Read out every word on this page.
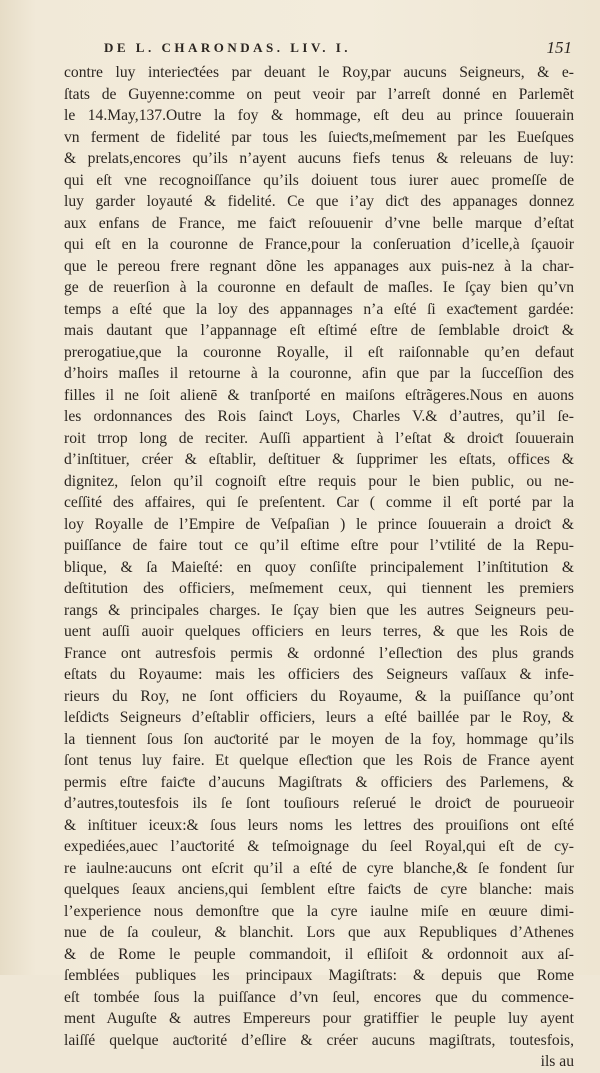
DE L. CHARONDAS. LIV. I.	151
contre luy interieƈtées par deuant le Roy,par aucuns Seigneurs, & e-
ſtats de Guyenne:comme on peut veoir par l’arreſt donné en Parlemẽt
le 14.May,137.Outre la foy & hommage, eſt deu au prince ſouuerain
vn ferment de fidelité par tous les ſuieƈts,meſmement par les Eueſques
& prelats,encores qu’ils n’ayent aucuns fiefs tenus & releuans de luy:
qui eſt vne recognoiſſance qu’ils doiuent tous iurer auec promeſſe de
luy garder loyauté & fidelité. Ce que i’ay diƈt des appanages donnez
aux enfans de France, me faiƈt reſouuenir d’vne belle marque d’eſtat
qui eſt en la couronne de France,pour la conſeruation d’icelle,à ſçauoir
que le pereou frere regnant dõne les appanages aux puis-nez à la char-
ge de reuerſion à la couronne en default de maſles. Ie ſçay bien qu’vn
temps a eſté que la loy des appannages n’a eſté ſi exaƈtement gardée:
mais dautant que l’appannage eſt eſtimé eſtre de ſemblable droiƈt &
prerogatiue,que la couronne Royalle, il eſt raiſonnable qu’en defaut
d’hoirs maſles il retourne à la couronne, afin que par la ſucceſſion des
filles il ne ſoit alienē & tranſporté en maiſons eſtrãgeres.Nous en auons
les ordonnances des Rois ſainƈt Loys, Charles V.& d’autres, qu’il ſe-
roit trrop long de reciter. Auſſi appartient à l’eſtat & droiƈt ſouuerain
d’inſtituer, créer & eſtablir, deſtituer & ſupprimer les eſtats, offices &
dignitez, ſelon qu’il cognoiſt eſtre requis pour le bien public, ou ne-
ceſſité des affaires, qui ſe preſentent. Car ( comme il eſt porté par la
loy Royalle de l’Empire de Veſpaſian ) le prince ſouuerain a droiƈt &
puiſſance de faire tout ce qu’il eſtime eſtre pour l’vtilité de la Repu-
blique, & ſa Maieſté: en quoy conſiſte principalement l’inſtitution &
deſtitution des officiers, meſmement ceux, qui tiennent les premiers
rangs & principales charges. Ie ſçay bien que les autres Seigneurs peu-
uent auſſi auoir quelques officiers en leurs terres, & que les Rois de
France ont autresfois permis & ordonné l’eſleƈtion des plus grands
eſtats du Royaume: mais les officiers des Seigneurs vaſſaux & infe-
rieurs du Roy, ne ſont officiers du Royaume, & la puiſſance qu’ont
leſdiƈts Seigneurs d’eſtablir officiers, leurs a eſté baillée par le Roy, &
la tiennent ſous ſon auƈtorité par le moyen de la foy, hommage qu’ils
ſont tenus luy faire. Et quelque eſleƈtion que les Rois de France ayent
permis eſtre faiƈte d’aucuns Magiſtrats & officiers des Parlemens, &
d’autres,toutesfois ils ſe ſont touſiours reſerué le droiƈt de pourueoir
& inſtituer iceux:& ſous leurs noms les lettres des prouiſions ont eſté
expediées,auec l’auƈtorité & teſmoignage du ſeel Royal,qui eſt de cy-
re iaulne:aucuns ont eſcrit qu’il a eſté de cyre blanche,& ſe fondent ſur
quelques ſeaux anciens,qui ſemblent eſtre faiƈts de cyre blanche: mais
l’experience nous demonſtre que la cyre iaulne miſe en œuure dimi-
nue de ſa couleur, & blanchit. Lors que aux Republiques d’Athenes
& de Rome le peuple commandoit, il eſliſoit & ordonnoit aux aſ-
ſemblées publiques les principaux Magiſtrats: & depuis que Rome
eſt tombée ſous la puiſſance d’vn ſeul, encores que du commence-
ment Auguſte & autres Empereurs pour gratiffier le peuple luy ayent
laiſſé quelque auƈtorité d’eſlire & créer aucuns magiſtrats, toutesfois,
ils au
